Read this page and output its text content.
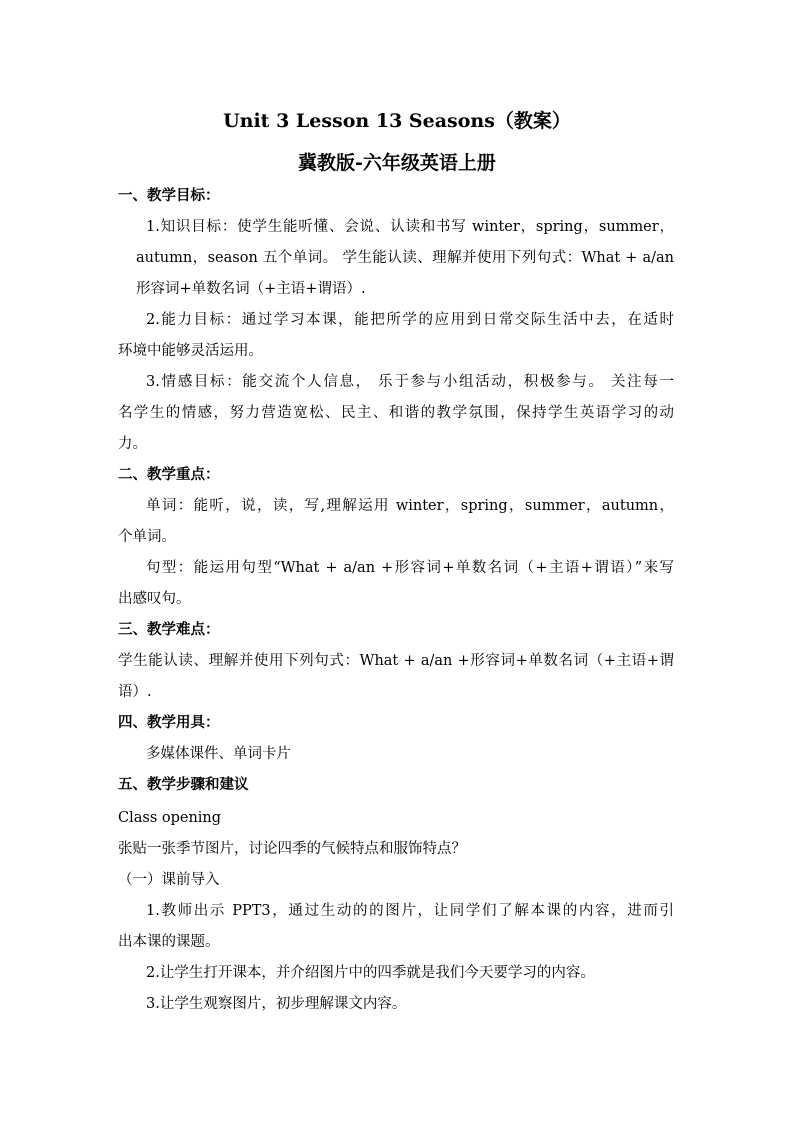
Unit 3 Lesson 13 Seasons（教案）
冀教版-六年级英语上册
一、教学目标：
1.知识目标：使学生能听懂、会说、认读和书写 winter，spring，summer，
autumn，season 五个单词。 学生能认读、理解并使用下列句式：What + a/an
形容词+单数名词（+主语+谓语）.
2.能力目标：通过学习本课，能把所学的应用到日常交际生活中去，在适时
环境中能够灵活运用。
3.情感目标：能交流个人信息， 乐于参与小组活动，积极参与。 关注每一
名学生的情感，努力营造宽松、民主、和谐的教学氛围，保持学生英语学习的动
力。
二、教学重点：
单词：能听，说，读，写,理解运用 winter，spring，summer，autumn，
个单词。
句型：能运用句型“What + a/an +形容词+单数名词（+主语+谓语）”来写
出感叹句。
三、教学难点：
学生能认读、理解并使用下列句式：What + a/an +形容词+单数名词（+主语+谓
语）.
四、教学用具：
多媒体课件、单词卡片
五、教学步骤和建议
Class opening
张贴一张季节图片，讨论四季的气候特点和服饰特点？
（一）课前导入
1.教师出示 PPT3，通过生动的的图片，让同学们了解本课的内容，进而引
出本课的课题。
2.让学生打开课本，并介绍图片中的四季就是我们今天要学习的内容。
3.让学生观察图片，初步理解课文内容。
